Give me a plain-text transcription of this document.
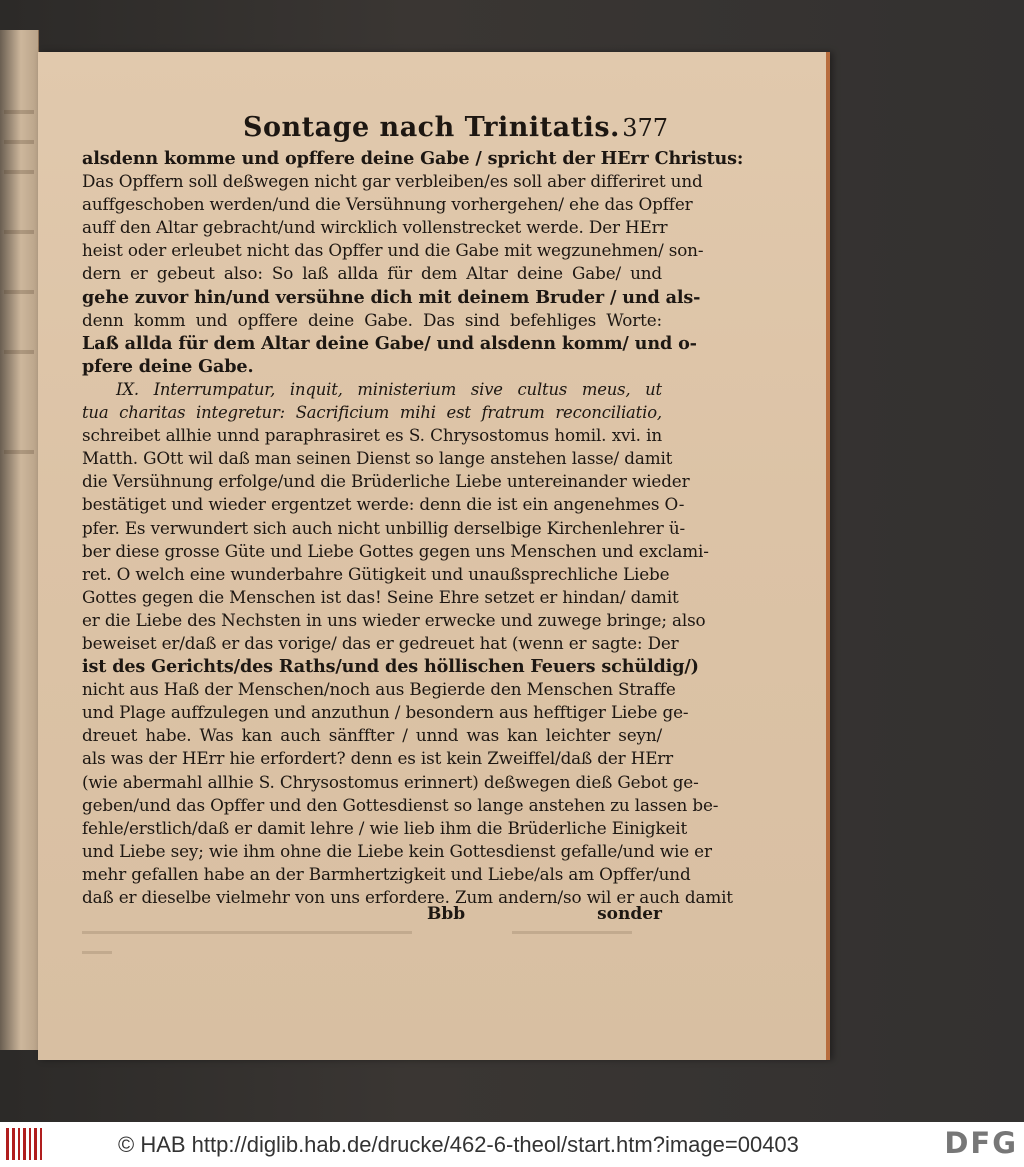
Sontage nach Trinitatis. 377
alsdenn komme und opffere deine Gabe / spricht der HErr Christus:
Das Opffern soll deßwegen nicht gar verbleiben/es soll aber differiret und
auffgeschoben werden/und die Versühnung vorhergehen/ ehe das Opffer
auff den Altar gebracht/und wircklich vollenstrecket werde. Der HErr
heist oder erleubet nicht das Opffer und die Gabe mit wegzunehmen/ son-
dern er gebeut also: So laß allda für dem Altar deine Gabe/ und
gehe zuvor hin/und versühne dich mit deinem Bruder / und als-
denn komm und opffere deine Gabe. Das sind befehliges Worte:
Laß allda für dem Altar deine Gabe/ und alsdenn komm/ und o-
pfere deine Gabe.
IX. Interrumpatur, inquit, ministerium sive cultus meus, ut
tua charitas integretur: Sacrificium mihi est fratrum reconciliatio,
schreibet allhie unnd paraphrasiret es S. Chrysostomus homil. xvi. in
Matth. GOtt wil daß man seinen Dienst so lange anstehen lasse/ damit
die Versühnung erfolge/und die Brüderliche Liebe untereinander wieder
bestätiget und wieder ergentzet werde: denn die ist ein angenehmes O-
pfer. Es verwundert sich auch nicht unbillig derselbige Kirchenlehrer ü-
ber diese grosse Güte und Liebe Gottes gegen uns Menschen und exclami-
ret. O welch eine wunderbahre Gütigkeit und unaußsprechliche Liebe
Gottes gegen die Menschen ist das! Seine Ehre setzet er hindan/ damit
er die Liebe des Nechsten in uns wieder erwecke und zuwege bringe; also
beweiset er/daß er das vorige/ das er gedreuet hat (wenn er sagte: Der
ist des Gerichts/des Raths/und des höllischen Feuers schüldig/)
nicht aus Haß der Menschen/noch aus Begierde den Menschen Straffe
und Plage auffzulegen und anzuthun / besondern aus hefftiger Liebe ge-
dreuet habe. Was kan auch sänffter / unnd was kan leichter seyn/
als was der HErr hie erfordert? denn es ist kein Zweiffel/daß der HErr
(wie abermahl allhie S. Chrysostomus erinnert) deßwegen dieß Gebot ge-
geben/und das Opffer und den Gottesdienst so lange anstehen zu lassen be-
fehle/erstlich/daß er damit lehre / wie lieb ihm die Brüderliche Einigkeit
und Liebe sey; wie ihm ohne die Liebe kein Gottesdienst gefalle/und wie er
mehr gefallen habe an der Barmhertzigkeit und Liebe/als am Opffer/und
daß er dieselbe vielmehr von uns erfordere. Zum andern/so wil er auch damit
Bbb	sonder
© HAB http://diglib.hab.de/drucke/462-6-theol/start.htm?image=00403	DFG
